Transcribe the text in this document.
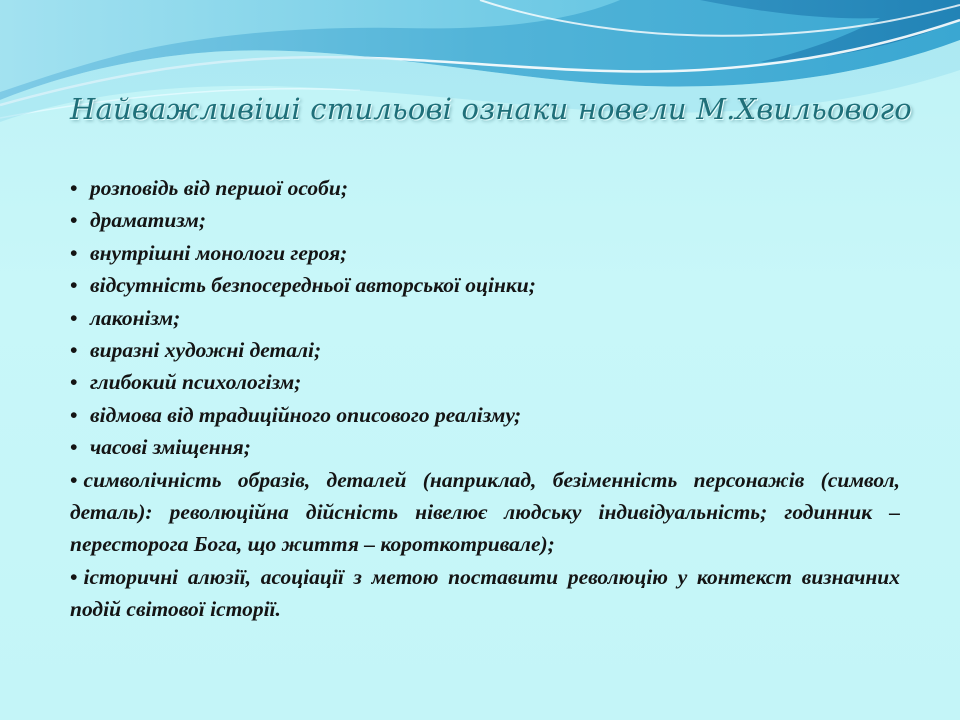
Найважливіші стильові ознаки новели М.Хвильового
• розповідь від першої особи;
• драматизм;
• внутрішні монологи героя;
• відсутність безпосередньої авторської оцінки;
• лаконізм;
• виразні художні деталі;
• глибокий психологізм;
• відмова від традиційного описового реалізму;
• часові зміщення;
• символічність образів, деталей (наприклад, безіменність персонажів (символ, деталь): революційна дійсність нівелює людську індивідуальність; годинник – пересторога Бога, що життя – короткотривале);
• історичні алюзії, асоціації з метою поставити революцію у контекст визначних подій світової історії.
